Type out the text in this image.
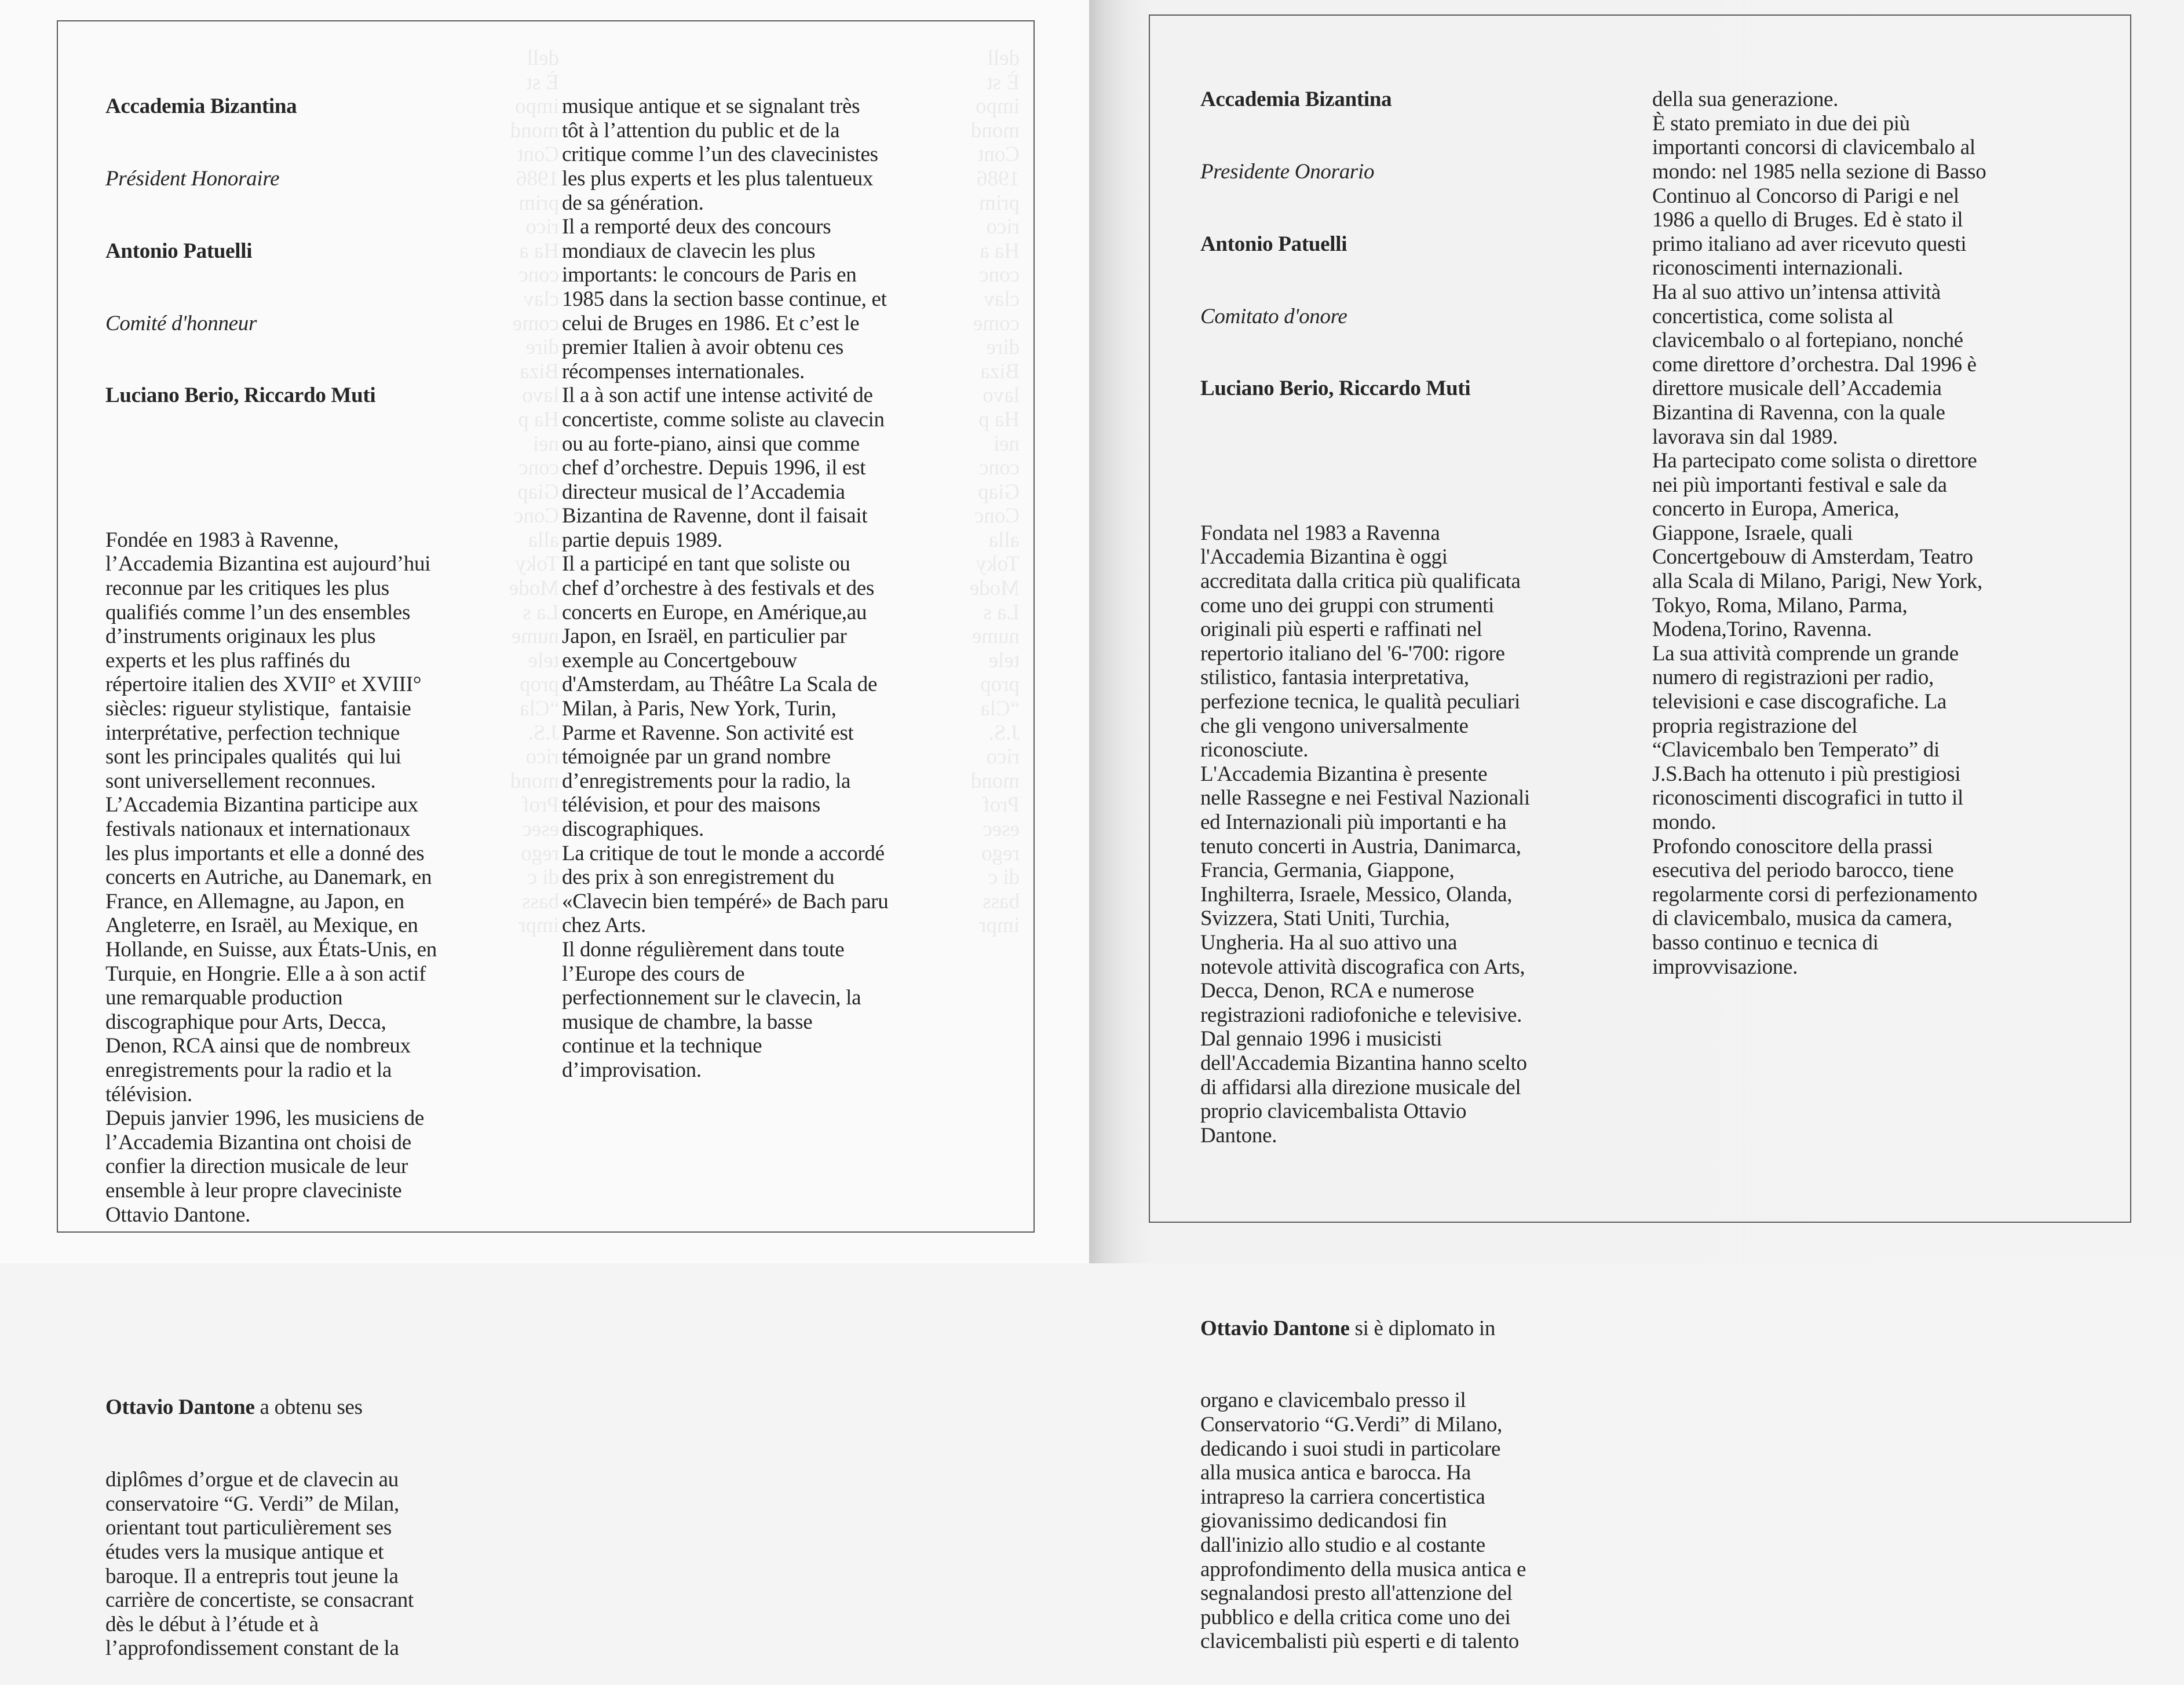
Accademia Bizantina

Président Honoraire

Antonio Patuelli

Comité d'honneur

Luciano Berio, Riccardo Muti

Fondée en 1983 à Ravenne,
l’Accademia Bizantina est aujourd’hui
reconnue par les critiques les plus
qualifiés comme l’un des ensembles
d’instruments originaux les plus
experts et les plus raffinés du
répertoire italien des XVII° et XVIII°
siècles: rigueur stylistique,  fantaisie
interprétative, perfection technique
sont les principales qualités  qui lui
sont universellement reconnues.
L’Accademia Bizantina participe aux
festivals nationaux et internationaux
les plus importants et elle a donné des
concerts en Autriche, au Danemark, en
France, en Allemagne, au Japon, en
Angleterre, en Israël, au Mexique, en
Hollande, en Suisse, aux États-Unis, en
Turquie, en Hongrie. Elle a à son actif
une remarquable production
discographique pour Arts, Decca,
Denon, RCA ainsi que de nombreux
enregistrements pour la radio et la
télévision.
Depuis janvier 1996, les musiciens de
l’Accademia Bizantina ont choisi de
confier la direction musicale de leur
ensemble à leur propre claveciniste
Ottavio Dantone.

Ottavio Dantone a obtenu ses

diplômes d’orgue et de clavecin au
conservatoire “G. Verdi” de Milan,
orientant tout particulièrement ses
études vers la musique antique et
baroque. Il a entrepris tout jeune la
carrière de concertiste, se consacrant
dès le début à l’étude et à
l’approfondissement constant de la

musique antique et se signalant très
tôt à l’attention du public et de la
critique comme l’un des clavecinistes
les plus experts et les plus talentueux
de sa génération.
Il a remporté deux des concours
mondiaux de clavecin les plus
importants: le concours de Paris en
1985 dans la section basse continue, et
celui de Bruges en 1986. Et c’est le
premier Italien à avoir obtenu ces
récompenses internationales.
Il a à son actif une intense activité de
concertiste, comme soliste au clavecin
ou au forte-piano, ainsi que comme
chef d’orchestre. Depuis 1996, il est
directeur musical de l’Accademia
Bizantina de Ravenne, dont il faisait
partie depuis 1989.
Il a participé en tant que soliste ou
chef d’orchestre à des festivals et des
concerts en Europe, en Amérique,au
Japon, en Israël, en particulier par
exemple au Concertgebouw
d'Amsterdam, au Théâtre La Scala de
Milan, à Paris, New York, Turin,
Parme et Ravenne. Son activité est
témoignée par un grand nombre
d’enregistrements pour la radio, la
télévision, et pour des maisons
discographiques.
La critique de tout le monde a accordé
des prix à son enregistrement du
«Clavecin bien tempéré» de Bach paru
chez Arts.
Il donne régulièrement dans toute
l’Europe des cours de
perfectionnement sur le clavecin, la
musique de chambre, la basse
continue et la technique
d’improvisation.

Accademia Bizantina

Presidente Onorario

Antonio Patuelli

Comitato d'onore

Luciano Berio, Riccardo Muti

Fondata nel 1983 a Ravenna
l'Accademia Bizantina è oggi
accreditata dalla critica più qualificata
come uno dei gruppi con strumenti
originali più esperti e raffinati nel
repertorio italiano del '6-'700: rigore
stilistico, fantasia interpretativa,
perfezione tecnica, le qualità peculiari
che gli vengono universalmente
riconosciute.
L'Accademia Bizantina è presente
nelle Rassegne e nei Festival Nazionali
ed Internazionali più importanti e ha
tenuto concerti in Austria, Danimarca,
Francia, Germania, Giappone,
Inghilterra, Israele, Messico, Olanda,
Svizzera, Stati Uniti, Turchia,
Ungheria. Ha al suo attivo una
notevole attività discografica con Arts,
Decca, Denon, RCA e numerose
registrazioni radiofoniche e televisive.
Dal gennaio 1996 i musicisti
dell'Accademia Bizantina hanno scelto
di affidarsi alla direzione musicale del
proprio clavicembalista Ottavio
Dantone.

Ottavio Dantone si è diplomato in

organo e clavicembalo presso il
Conservatorio “G.Verdi” di Milano,
dedicando i suoi studi in particolare
alla musica antica e barocca. Ha
intrapreso la carriera concertistica
giovanissimo dedicandosi fin
dall'inizio allo studio e al costante
approfondimento della musica antica e
segnalandosi presto all'attenzione del
pubblico e della critica come uno dei
clavicembalisti più esperti e di talento

della sua generazione.
È stato premiato in due dei più
importanti concorsi di clavicembalo al
mondo: nel 1985 nella sezione di Basso
Continuo al Concorso di Parigi e nel
1986 a quello di Bruges. Ed è stato il
primo italiano ad aver ricevuto questi
riconoscimenti internazionali.
Ha al suo attivo un’intensa attività
concertistica, come solista al
clavicembalo o al fortepiano, nonché
come direttore d’orchestra. Dal 1996 è
direttore musicale dell’Accademia
Bizantina di Ravenna, con la quale
lavorava sin dal 1989.
Ha partecipato come solista o direttore
nei più importanti festival e sale da
concerto in Europa, America,
Giappone, Israele, quali
Concertgebouw di Amsterdam, Teatro
alla Scala di Milano, Parigi, New York,
Tokyo, Roma, Milano, Parma,
Modena,Torino, Ravenna.
La sua attività comprende un grande
numero di registrazioni per radio,
televisioni e case discografiche. La
propria registrazione del
“Clavicembalo ben Temperato” di
J.S.Bach ha ottenuto i più prestigiosi
riconoscimenti discografici in tutto il
mondo.
Profondo conoscitore della prassi
esecutiva del periodo barocco, tiene
regolarmente corsi di perfezionamento
di clavicembalo, musica da camera,
basso continuo e tecnica di
improvvisazione.
